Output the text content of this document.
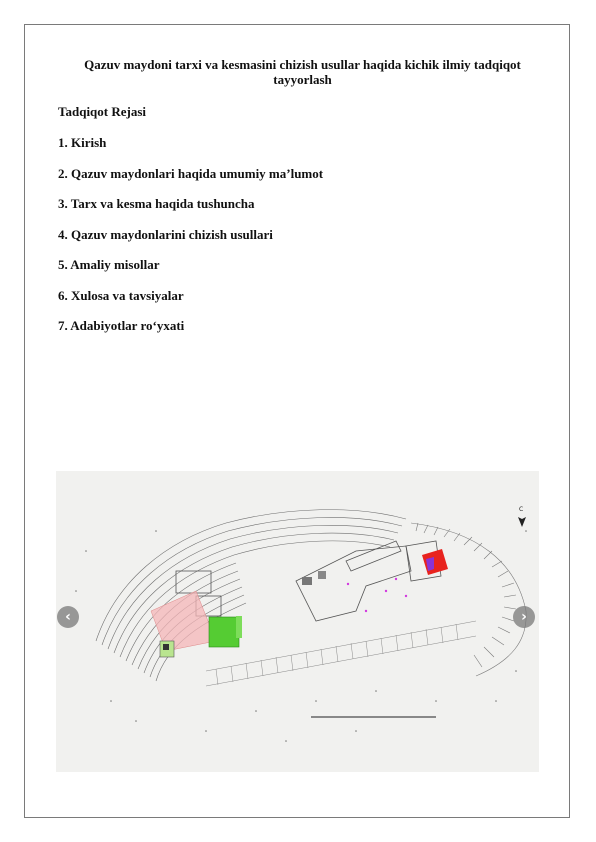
Qazuv maydoni tarxi va kesmasini chizish usullar haqida kichik ilmiy tadqiqot tayyorlash
Tadqiqot Rejasi
1. Kirish
2. Qazuv maydonlari haqida umumiy ma’lumot
3. Tarx va kesma haqida tushuncha
4. Qazuv maydonlarini chizish usullari
5. Amaliy misollar
6. Xulosa va tavsiyalar
7. Adabiyotlar ro‘yxati
С
‹	›
